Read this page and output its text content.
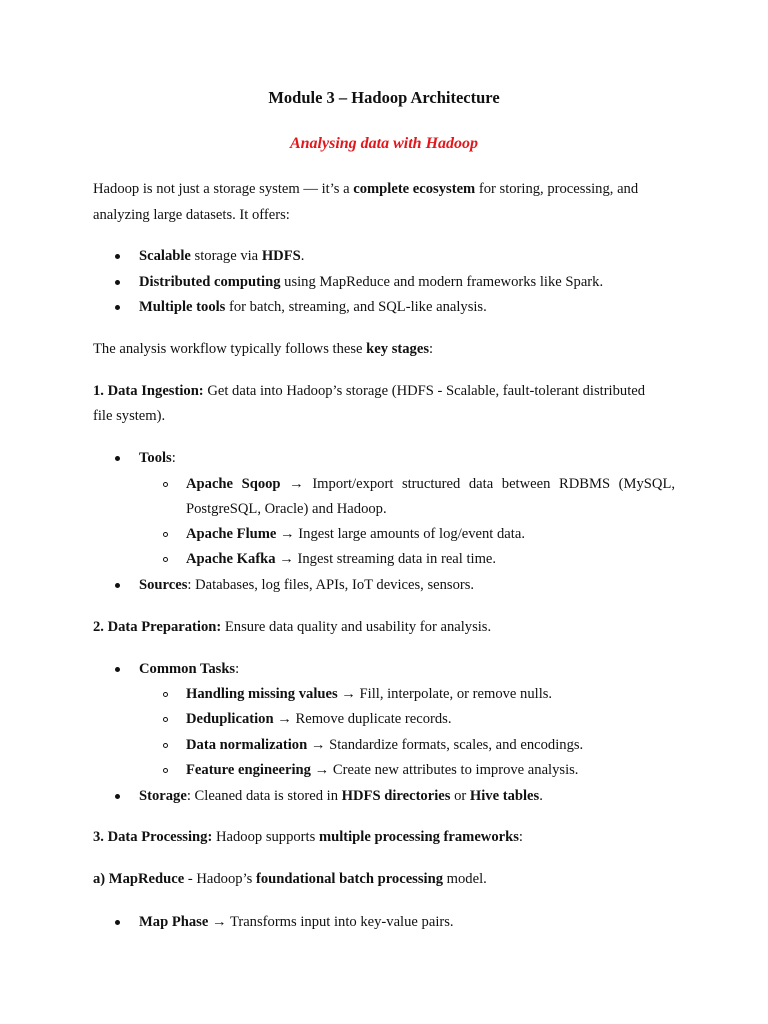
Module 3 – Hadoop Architecture
Analysing data with Hadoop
Hadoop is not just a storage system — it’s a complete ecosystem for storing, processing, and
analyzing large datasets. It offers:
Scalable storage via HDFS.
Distributed computing using MapReduce and modern frameworks like Spark.
Multiple tools for batch, streaming, and SQL-like analysis.
The analysis workflow typically follows these key stages:
1. Data Ingestion: Get data into Hadoop’s storage (HDFS - Scalable, fault-tolerant distributed
file system).
Tools:
Apache Sqoop → Import/export structured data between RDBMS (MySQL,
PostgreSQL, Oracle) and Hadoop.
Apache Flume → Ingest large amounts of log/event data.
Apache Kafka → Ingest streaming data in real time.
Sources: Databases, log files, APIs, IoT devices, sensors.
2. Data Preparation: Ensure data quality and usability for analysis.
Common Tasks:
Handling missing values → Fill, interpolate, or remove nulls.
Deduplication → Remove duplicate records.
Data normalization → Standardize formats, scales, and encodings.
Feature engineering → Create new attributes to improve analysis.
Storage: Cleaned data is stored in HDFS directories or Hive tables.
3. Data Processing: Hadoop supports multiple processing frameworks:
a) MapReduce - Hadoop’s foundational batch processing model.
Map Phase → Transforms input into key-value pairs.
